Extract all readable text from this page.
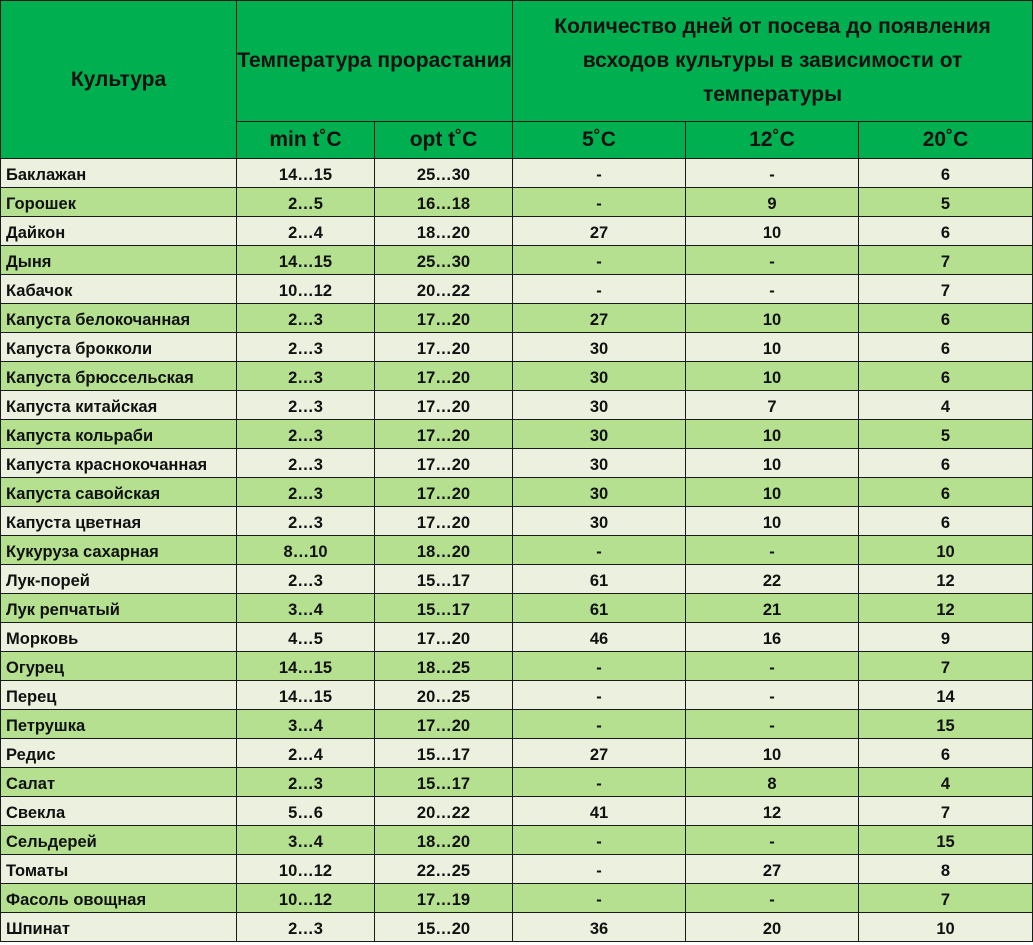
Культура	Температура прорастания		Количество дней от посева до появления всходов культуры в зависимости от температуры		
	min t˚C	opt t˚C	5˚C	12˚C	20˚C
Баклажан	14…15	25…30	-	-	6
Горошек	2…5	16…18	-	9	5
Дайкон	2…4	18…20	27	10	6
Дыня	14…15	25…30	-	-	7
Кабачок	10…12	20…22	-	-	7
Капуста белокочанная	2…3	17…20	27	10	6
Капуста брокколи	2…3	17…20	30	10	6
Капуста брюссельская	2…3	17…20	30	10	6
Капуста китайская	2…3	17…20	30	7	4
Капуста кольраби	2…3	17…20	30	10	5
Капуста краснокочанная	2…3	17…20	30	10	6
Капуста савойская	2…3	17…20	30	10	6
Капуста цветная	2…3	17…20	30	10	6
Кукуруза сахарная	8…10	18…20	-	-	10
Лук-порей	2…3	15…17	61	22	12
Лук репчатый	3…4	15…17	61	21	12
Морковь	4…5	17…20	46	16	9
Огурец	14…15	18…25	-	-	7
Перец	14…15	20…25	-	-	14
Петрушка	3…4	17…20	-	-	15
Редис	2…4	15…17	27	10	6
Салат	2…3	15…17	-	8	4
Свекла	5…6	20…22	41	12	7
Сельдерей	3…4	18…20	-	-	15
Томаты	10…12	22…25	-	27	8
Фасоль овощная	10…12	17…19	-	-	7
Шпинат	2…3	15…20	36	20	10
